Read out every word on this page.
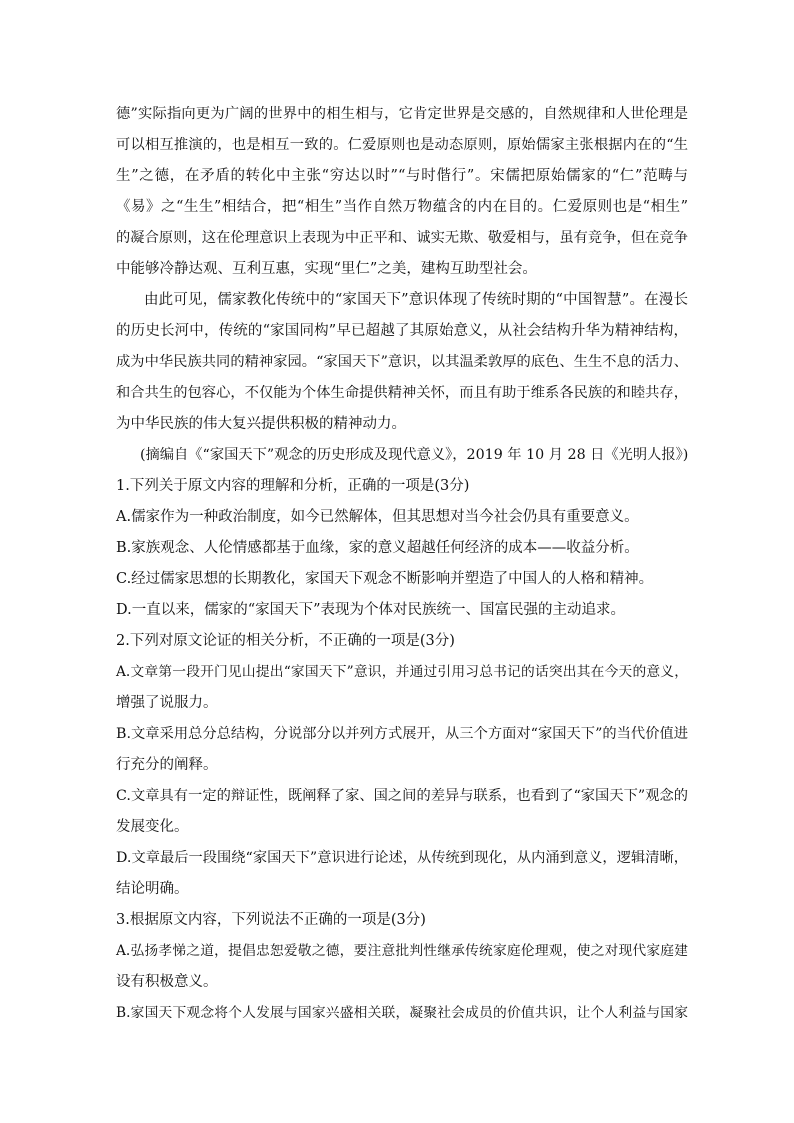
德”实际指向更为广阔的世界中的相生相与，它肯定世界是交感的，自然规律和人世伦理是
可以相互推演的，也是相互一致的。仁爱原则也是动态原则，原始儒家主张根据内在的“生
生”之德，在矛盾的转化中主张“穷达以时”“与时偕行”。宋儒把原始儒家的“仁”范畴与
《易》之“生生”相结合，把“相生”当作自然万物蕴含的内在目的。仁爱原则也是“相生”
的凝合原则，这在伦理意识上表现为中正平和、诚实无欺、敬爱相与，虽有竞争，但在竞争
中能够冷静达观、互利互惠，实现“里仁”之美，建构互助型社会。
由此可见，儒家教化传统中的“家国天下”意识体现了传统时期的“中国智慧”。在漫长
的历史长河中，传统的“家国同构”早已超越了其原始意义，从社会结构升华为精神结构，
成为中华民族共同的精神家园。“家国天下”意识，以其温柔敦厚的底色、生生不息的活力、
和合共生的包容心，不仅能为个体生命提供精神关怀，而且有助于维系各民族的和睦共存，
为中华民族的伟大复兴提供积极的精神动力。
(摘编自《“家国天下”观念的历史形成及现代意义》，2019 年 10 月 28 日《光明人报》)
1.下列关于原文内容的理解和分析，正确的一项是(3分)
A.儒家作为一种政治制度，如今已然解体，但其思想对当今社会仍具有重要意义。
B.家族观念、人伦情感都基于血缘，家的意义超越任何经济的成本——收益分析。
C.经过儒家思想的长期教化，家国天下观念不断影响并塑造了中国人的人格和精神。
D.一直以来，儒家的“家国天下”表现为个体对民族统一、国富民强的主动追求。
2.下列对原文论证的相关分析，不正确的一项是(3分)
A.文章第一段开门见山提出“家国天下”意识，并通过引用习总书记的话突出其在今天的意义，
增强了说服力。
B.文章采用总分总结构，分说部分以并列方式展开，从三个方面对“家国天下”的当代价值进
行充分的阐释。
C.文章具有一定的辩证性，既阐释了家、国之间的差异与联系，也看到了“家国天下”观念的
发展变化。
D.文章最后一段围绕“家国天下”意识进行论述，从传统到现化，从内涌到意义，逻辑清晰，
结论明确。
3.根据原文内容，下列说法不正确的一项是(3分)
A.弘扬孝悌之道，提倡忠恕爱敬之德，要注意批判性继承传统家庭伦理观，使之对现代家庭建
设有积极意义。
B.家国天下观念将个人发展与国家兴盛相关联，凝聚社会成员的价值共识，让个人利益与国家
